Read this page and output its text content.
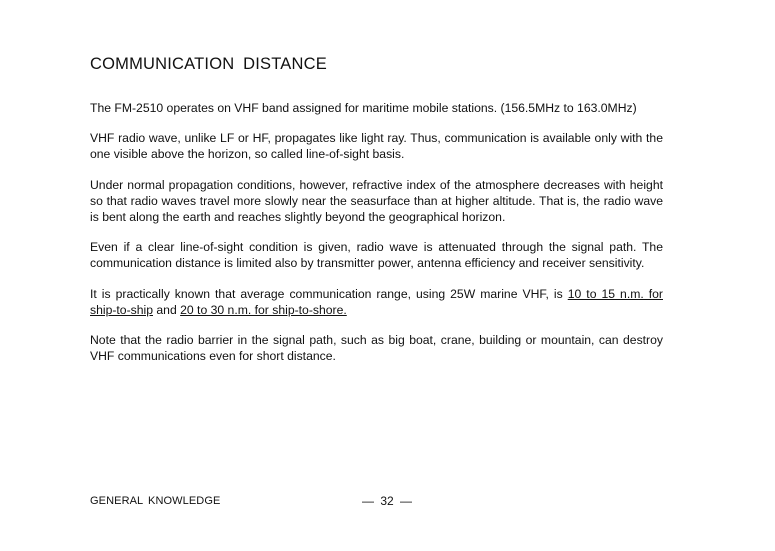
COMMUNICATION DISTANCE

The FM-2510 operates on VHF band assigned for maritime mobile stations. (156.5MHz to 163.0MHz)

VHF radio wave, unlike LF or HF, propagates like light ray. Thus, communication is available only with the one visible above the horizon, so called line-of-sight basis.

Under normal propagation conditions, however, refractive index of the atmosphere decreases with height so that radio waves travel more slowly near the seasurface than at higher altitude. That is, the radio wave is bent along the earth and reaches slightly beyond the geographical horizon.

Even if a clear line-of-sight condition is given, radio wave is attenuated through the signal path. The communication distance is limited also by transmitter power, antenna efficiency and receiver sensitivity.

It is practically known that average communication range, using 25W marine VHF, is 10 to 15 n.m. for ship-to-ship and 20 to 30 n.m. for ship-to-shore.

Note that the radio barrier in the signal path, such as big boat, crane, building or mountain, can destroy VHF communications even for short distance.

GENERAL KNOWLEDGE	— 32 —
